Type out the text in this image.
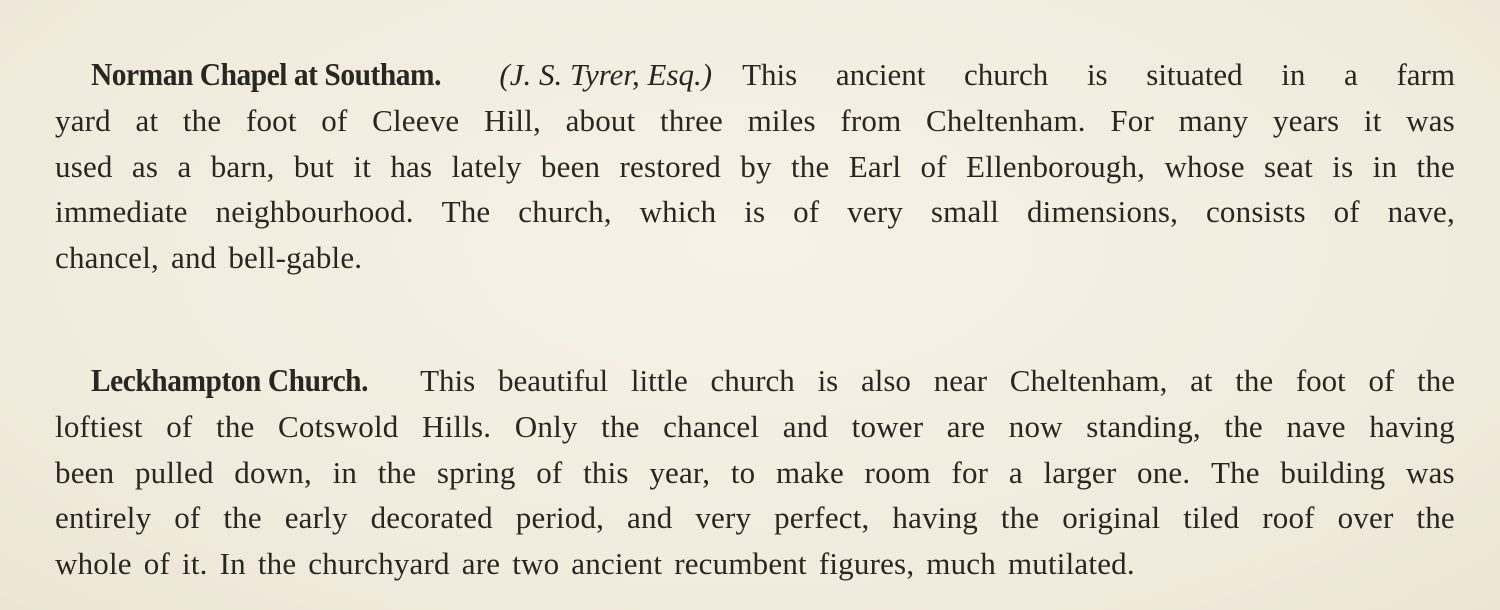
Norman Chapel at Southam. (J. S. Tyrer, Esq.) This ancient church is situated in a farm
yard at the foot of Cleeve Hill, about three miles from Cheltenham. For many years it was
used as a barn, but it has lately been restored by the Earl of Ellenborough, whose seat is in the
immediate neighbourhood. The church, which is of very small dimensions, consists of nave,
chancel, and bell-gable.
Leckhampton Church. This beautiful little church is also near Cheltenham, at the foot of the
loftiest of the Cotswold Hills. Only the chancel and tower are now standing, the nave having
been pulled down, in the spring of this year, to make room for a larger one. The building was
entirely of the early decorated period, and very perfect, having the original tiled roof over the
whole of it. In the churchyard are two ancient recumbent figures, much mutilated.
